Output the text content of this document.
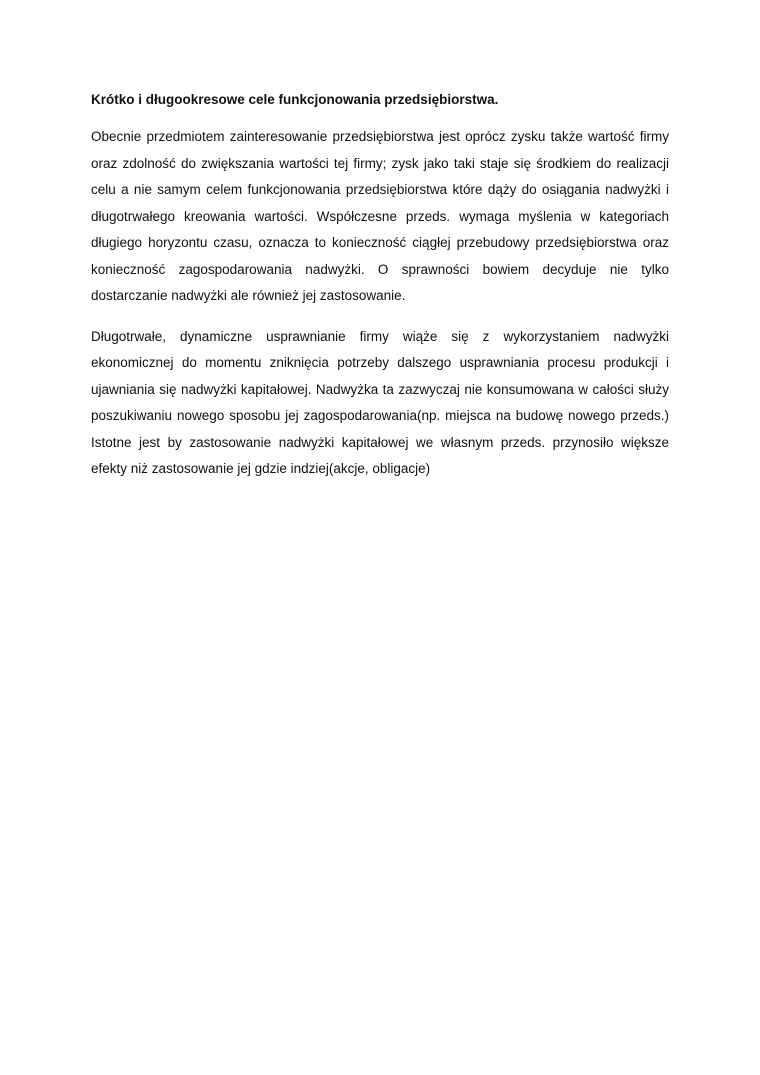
Krótko i długookresowe cele funkcjonowania przedsiębiorstwa.

Obecnie przedmiotem zainteresowanie przedsiębiorstwa jest oprócz zysku także wartość firmy oraz zdolność do zwiększania wartości tej firmy; zysk jako taki staje się środkiem do realizacji celu a nie samym celem funkcjonowania przedsiębiorstwa które dąży do osiągania nadwyżki i długotrwałego kreowania wartości. Współczesne przeds. wymaga myślenia w kategoriach długiego horyzontu czasu, oznacza to konieczność ciągłej przebudowy przedsiębiorstwa oraz konieczność zagospodarowania nadwyżki. O sprawności bowiem decyduje nie tylko dostarczanie nadwyżki ale również jej zastosowanie.

Długotrwałe, dynamiczne usprawnianie firmy wiąże się z wykorzystaniem nadwyżki ekonomicznej do momentu zniknięcia potrzeby dalszego usprawniania procesu produkcji i ujawniania się nadwyżki kapitałowej. Nadwyżka ta zazwyczaj nie konsumowana w całości służy poszukiwaniu nowego sposobu jej zagospodarowania(np. miejsca na budowę nowego przeds.) Istotne jest by zastosowanie nadwyżki kapitałowej we własnym przeds. przynosiło większe efekty niż zastosowanie jej gdzie indziej(akcje, obligacje)
